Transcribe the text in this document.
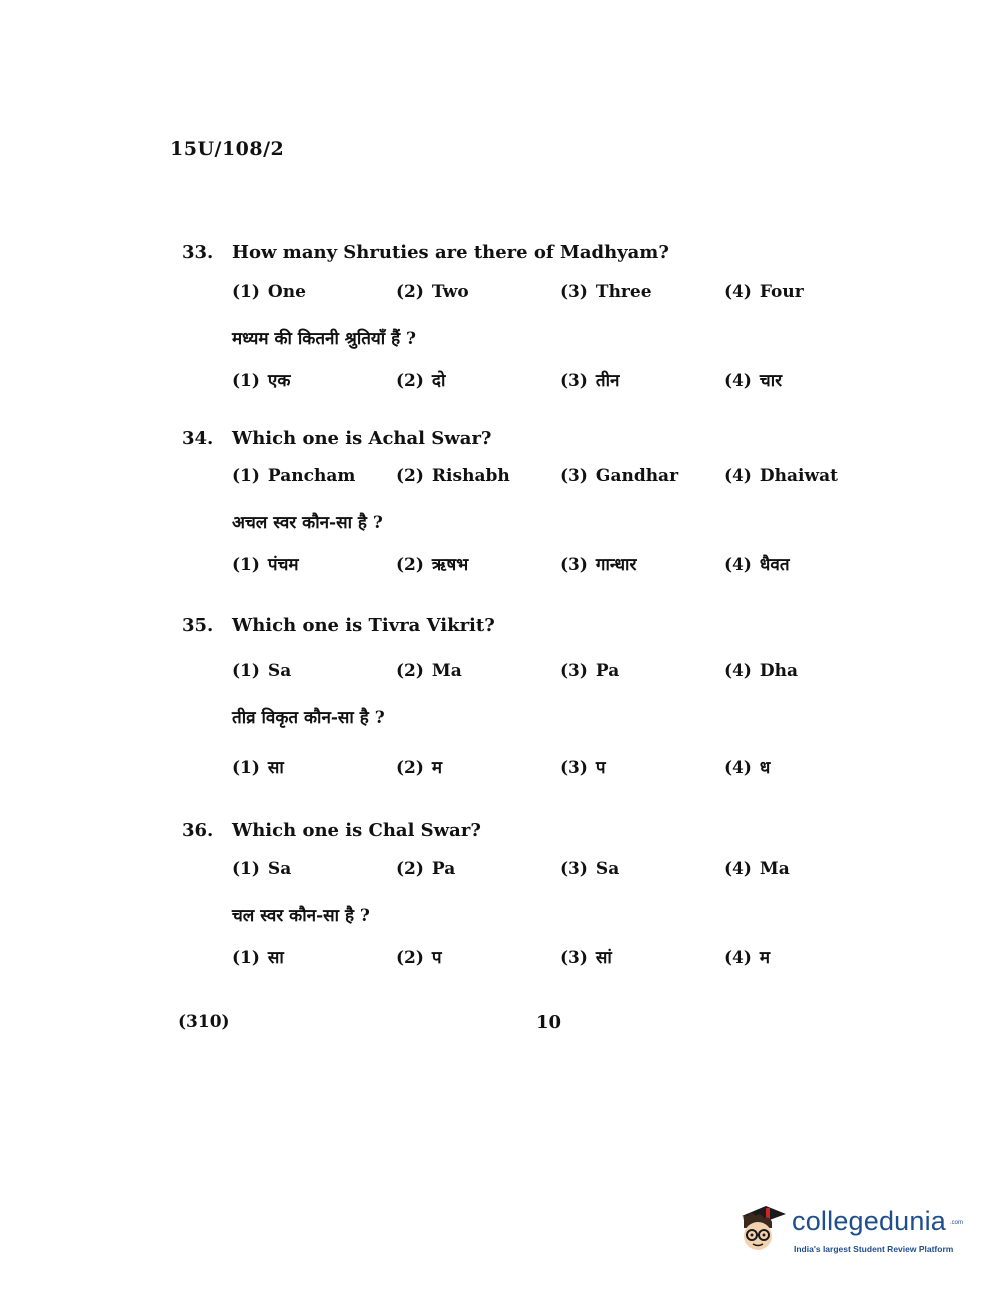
15U/108/2
33.	How many Shruties are there of Madhyam?
(1) One	(2) Two	(3) Three	(4) Four
मध्यम की कितनी श्रुतियाँ हैं ?
(1) एक	(2) दो	(3) तीन	(4) चार
34.	Which one is Achal Swar?
(1) Pancham	(2) Rishabh	(3) Gandhar	(4) Dhaiwat
अचल स्वर कौन-सा है ?
(1) पंचम	(2) ऋषभ	(3) गान्धार	(4) धैवत
35.	Which one is Tivra Vikrit?
(1) Sa	(2) Ma	(3) Pa	(4) Dha
तीव्र विकृत कौन-सा है ?
(1) सा	(2) म	(3) प	(4) ध
36.	Which one is Chal Swar?
(1) Sa	(2) Pa	(3) Sa	(4) Ma
चल स्वर कौन-सा है ?
(1) सा	(2) प	(3) सां	(4) म
(310)	10
collegedunia .com
India's largest Student Review Platform
